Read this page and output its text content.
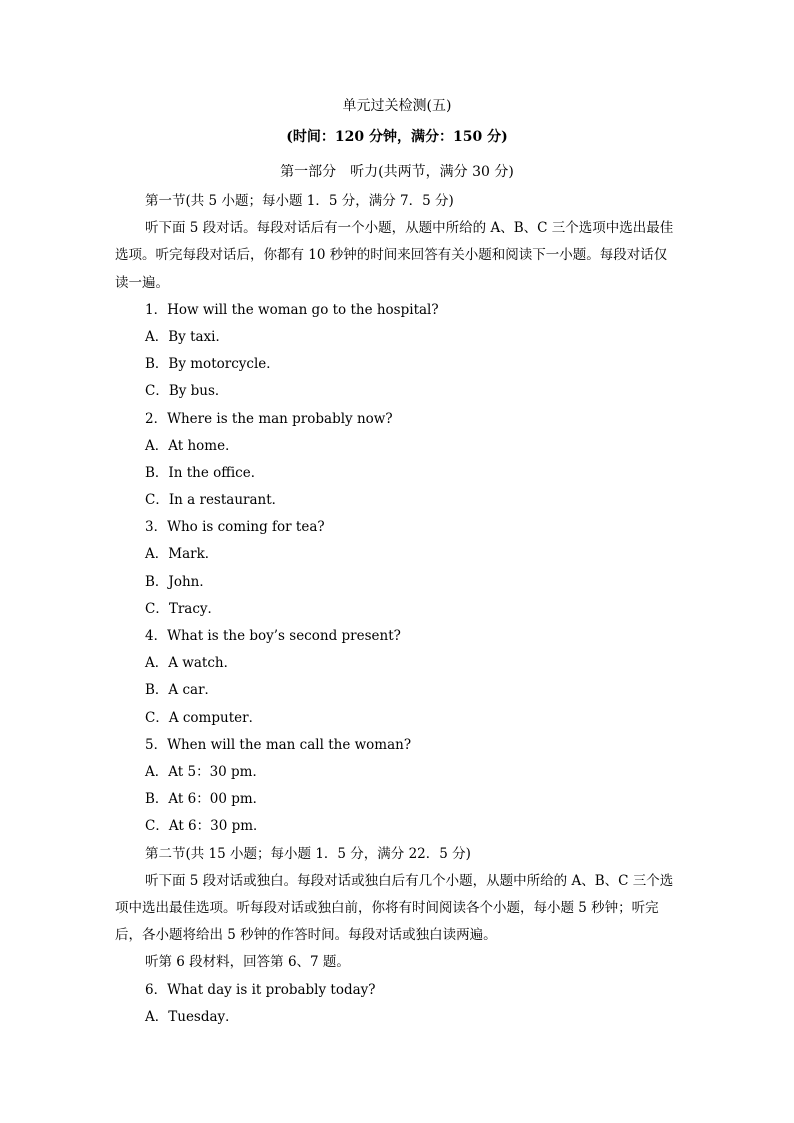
单元过关检测(五)
(时间：120 分钟，满分：150 分)
第一部分　听力(共两节，满分 30 分)
第一节(共 5 小题；每小题 1．5 分，满分 7．5 分)
听下面 5 段对话。每段对话后有一个小题，从题中所给的 A、B、C 三个选项中选出最佳选项。听完每段对话后，你都有 10 秒钟的时间来回答有关小题和阅读下一小题。每段对话仅读一遍。
1．How will the woman go to the hospital?
A．By taxi．
B．By motorcycle．
C．By bus．
2．Where is the man probably now?
A．At home．
B．In the office．
C．In a restaurant．
3．Who is coming for tea?
A．Mark．
B．John．
C．Tracy．
4．What is the boy’s second present?
A．A watch．
B．A car．
C．A computer．
5．When will the man call the woman?
A．At 5：30 pm．
B．At 6：00 pm．
C．At 6：30 pm．
第二节(共 15 小题；每小题 1．5 分，满分 22．5 分)
听下面 5 段对话或独白。每段对话或独白后有几个小题，从题中所给的 A、B、C 三个选项中选出最佳选项。听每段对话或独白前，你将有时间阅读各个小题，每小题 5 秒钟；听完后，各小题将给出 5 秒钟的作答时间。每段对话或独白读两遍。
听第 6 段材料，回答第 6、7 题。
6．What day is it probably today?
A．Tuesday．
